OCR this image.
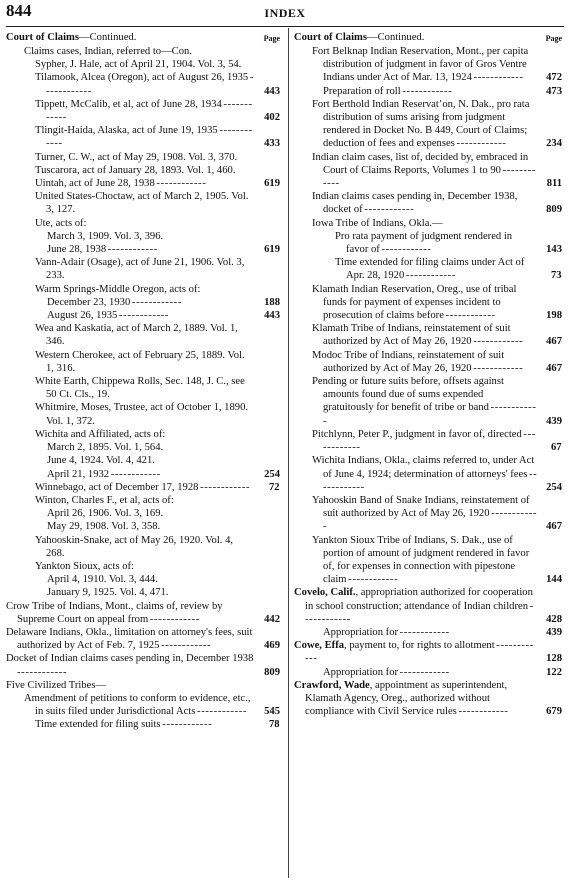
844	INDEX
Court of Claims—Continued.	Page
Claims cases, Indian, referred to—Con.
Sypher, J. Hale, act of April 21, 1904. Vol. 3, 54.
Tilamook, Alcea (Oregon), act of August 26, 1935 - - -
443
Tippett, McCalib, et al, act of June 28, 1934 - - -
402
Tlingit-Haida, Alaska, act of June 19, 1935 - - -
433
Turner, C. W., act of May 29, 1908. Vol. 3, 370.
Tuscarora, act of January 28, 1893. Vol. 1, 460.
Uintah, act of June 28, 1938 - - -	619
United States-Choctaw, act of March 2, 1905. Vol. 3, 127.
Ute, acts of:
March 3, 1909. Vol. 3, 396.
June 28, 1938 - - -	619
Vann-Adair (Osage), act of June 21, 1906. Vol. 3, 233.
Warm Springs-Middle Oregon, acts of:
December 23, 1930 - - -	188
August 26, 1935 - - -	443
Wea and Kaskatia, act of March 2, 1889. Vol. 1, 346.
Western Cherokee, act of February 25, 1889. Vol. 1, 316.
White Earth, Chippewa Rolls, Sec. 148, J. C., see 50 Ct. Cls., 19.
Whitmire, Moses, Trustee, act of October 1, 1890. Vol. 1, 372.
Wichita and Affiliated, acts of:
March 2, 1895. Vol. 1, 564.
June 4, 1924. Vol. 4, 421.
April 21, 1932 - - -	254
Winnebago, act of December 17, 1928 - - -	72
Winton, Charles F., et al, acts of:
April 26, 1906. Vol. 3, 169.
May 29, 1908. Vol. 3, 358.
Yahooskin-Snake, act of May 26, 1920. Vol. 4, 268.
Yankton Sioux, acts of:
April 4, 1910. Vol. 3, 444.
January 9, 1925. Vol. 4, 471.
Crow Tribe of Indians, Mont., claims of, review by Supreme Court on appeal from - - -	442
Delaware Indians, Okla., limitation on attorney's fees, suit authorized by Act of Feb. 7, 1925 - - -	469
Docket of Indian claims cases pending in, December 1938 - - -
809
Five Civilized Tribes—
Amendment of petitions to conform to evidence, etc., in suits filed under Jurisdictional Acts - - -	545
Time extended for filing suits - - -	78
Court of Claims—Continued.	Page
Fort Belknap Indian Reservation, Mont., per capita distribution of judgment in favor of Gros Ventre Indians under Act of Mar. 13, 1924 - - -	472
Preparation of roll - - -	473
Fort Berthold Indian Reservat’on, N. Dak., pro rata distribution of sums arising from judgment rendered in Docket No. B 449, Court of Claims; deduction of fees and expenses - - -	234
Indian claim cases, list of, decided by, embraced in Court of Claims Reports, Volumes 1 to 90 - - -
811
Indian claims cases pending in, December 1938, docket of - - -	809
Iowa Tribe of Indians, Okla.—
Pro rata payment of judgment rendered in favor of - - -	143
Time extended for filing claims under Act of Apr. 28, 1920 - - -	73
Klamath Indian Reservation, Oreg., use of tribal funds for payment of expenses incident to prosecution of claims before - - -	198
Klamath Tribe of Indians, reinstatement of suit authorized by Act of May 26, 1920 - - -	467
Modoc Tribe of Indians, reinstatement of suit authorized by Act of May 26, 1920 - - -	467
Pending or future suits before, offsets against amounts found due of sums expended gratuitously for benefit of tribe or band - - -
439
Pitchlynn, Peter P., judgment in favor of, directed - - -
67
Wichita Indians, Okla., claims referred to, under Act of June 4, 1924; determination of attorneys' fees - - -
254
Yahooskin Band of Snake Indians, reinstatement of suit authorized by Act of May 26, 1920 - - -
467
Yankton Sioux Tribe of Indians, S. Dak., use of portion of amount of judgment rendered in favor of, for expenses in connection with pipestone claim - - -	144
Covelo, Calif., appropriation authorized for cooperation in school construction; attendance of Indian children - - -
428
Appropriation for - - -	439
Cowe, Effa, payment to, for rights to allotment - - -
128
Appropriation for - - -	122
Crawford, Wade, appointment as superintendent, Klamath Agency, Oreg., authorized without compliance with Civil Service rules - - -	679
